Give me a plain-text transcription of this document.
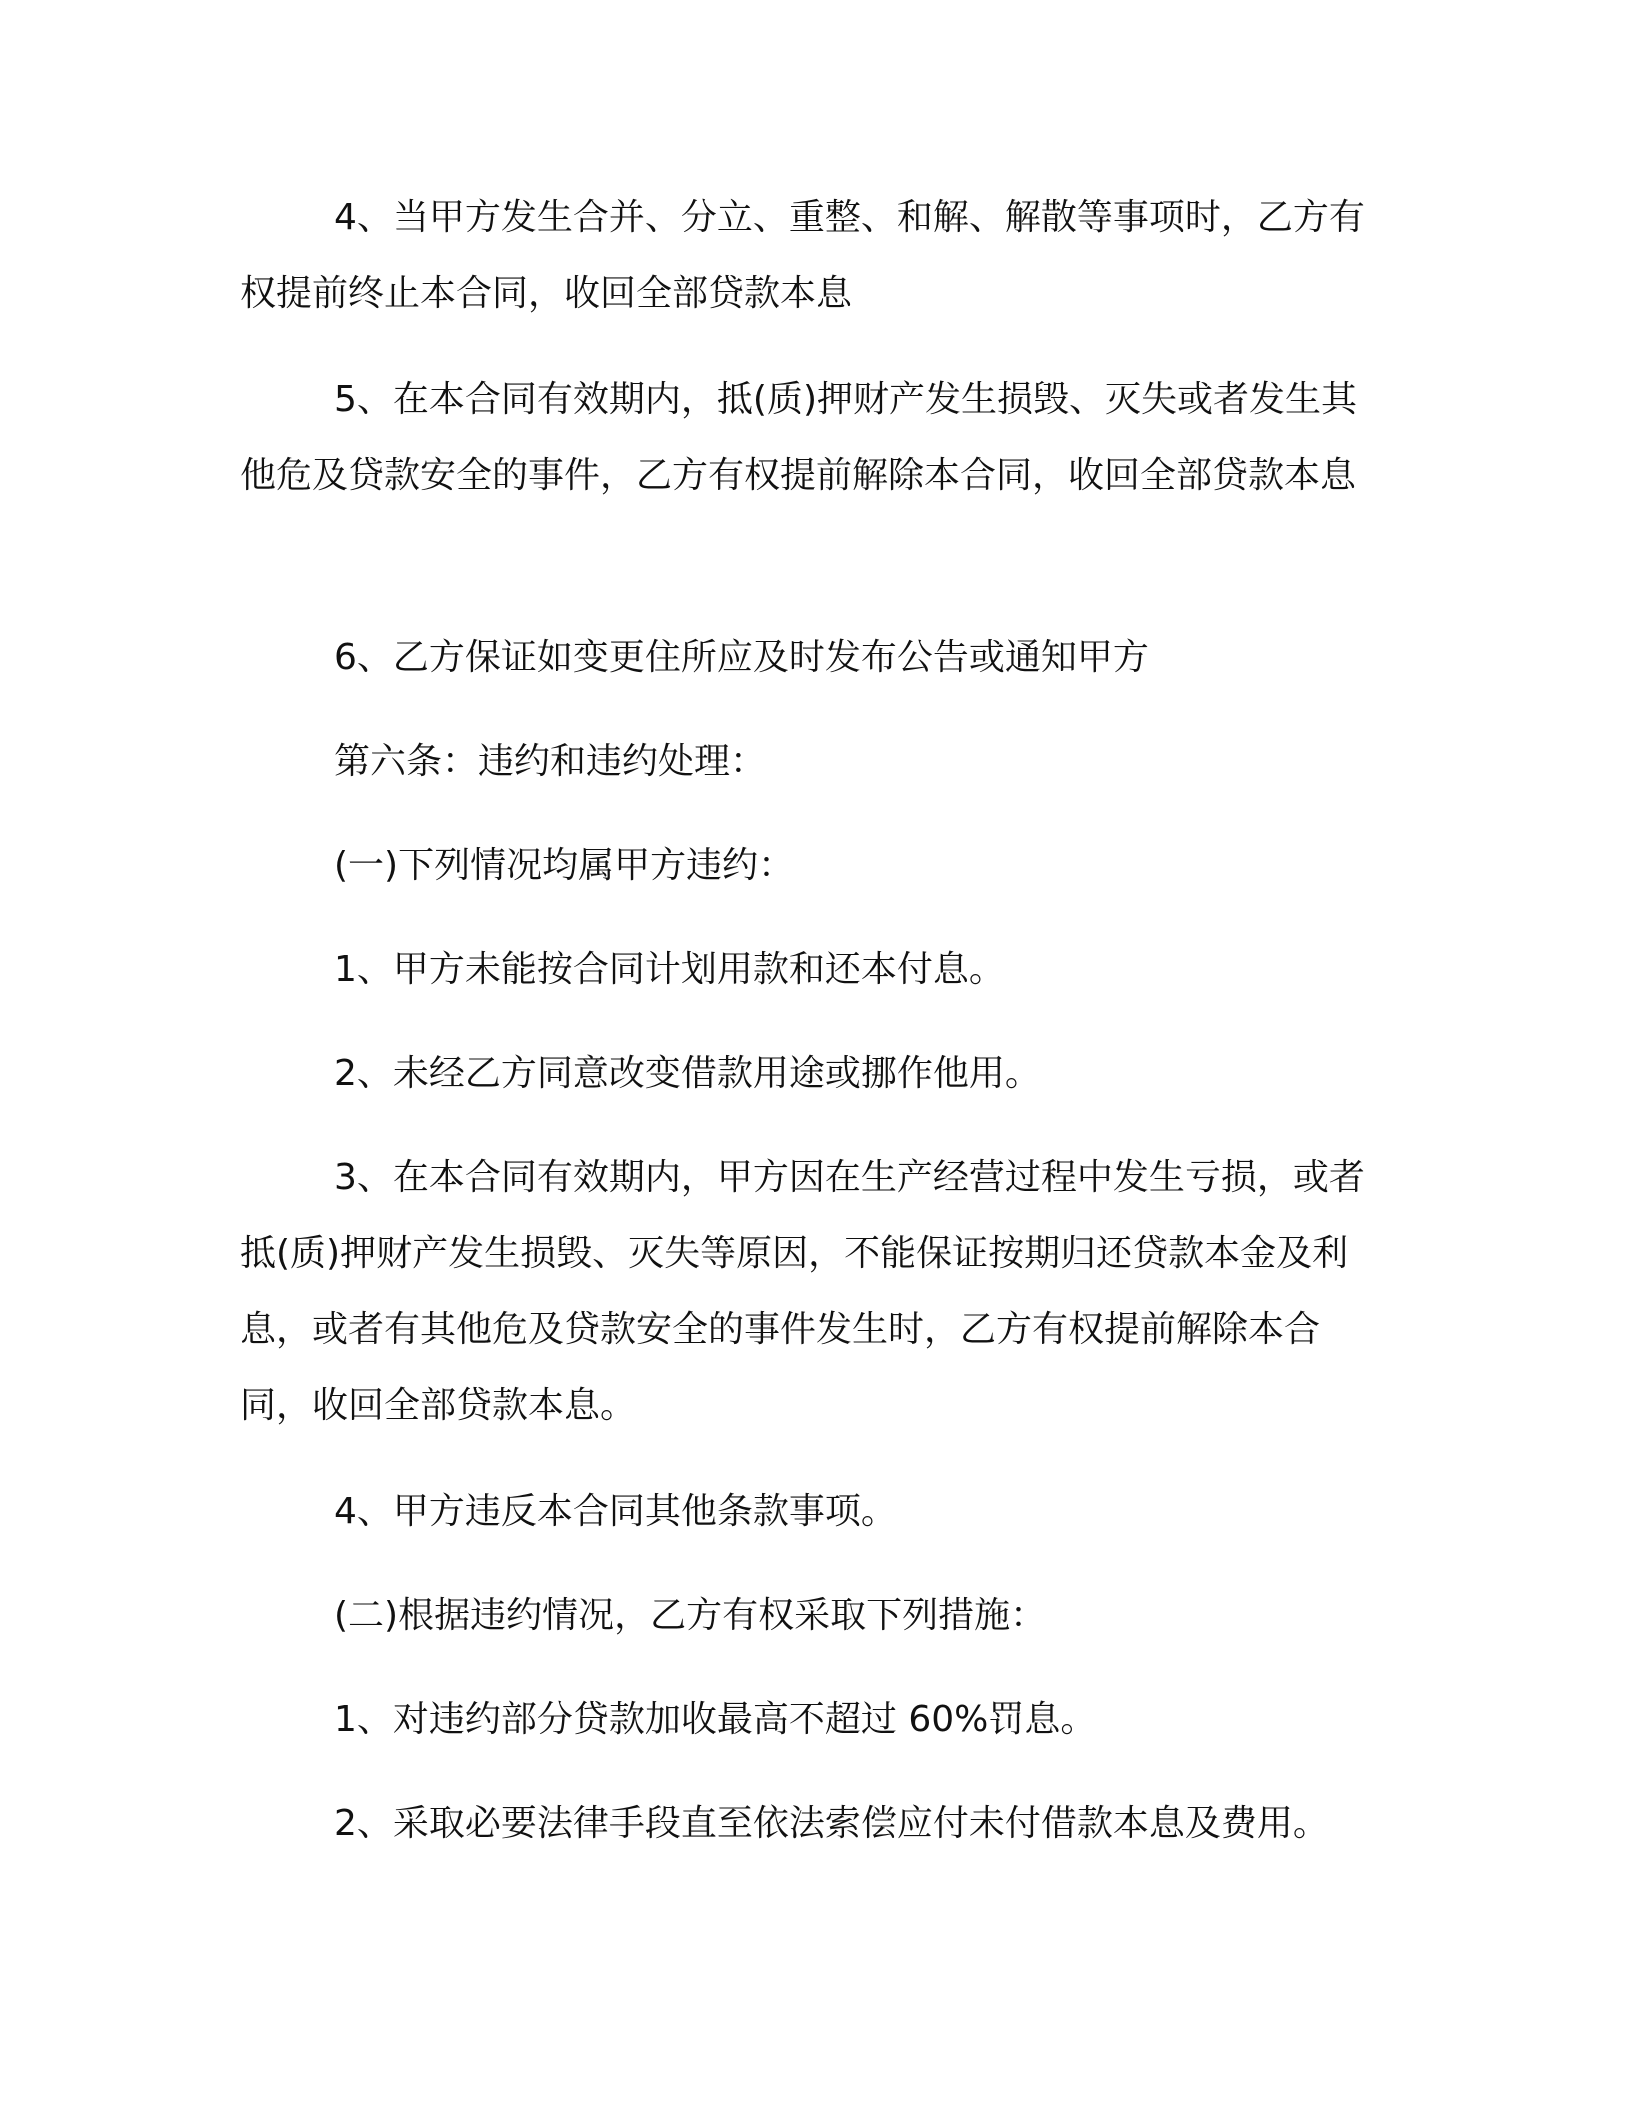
4、当甲方发生合并、分立、重整、和解、解散等事项时，乙方有权提前终止本合同，收回全部贷款本息

5、在本合同有效期内，抵(质)押财产发生损毁、灭失或者发生其他危及贷款安全的事件，乙方有权提前解除本合同，收回全部贷款本息

6、乙方保证如变更住所应及时发布公告或通知甲方

第六条：违约和违约处理：

(一)下列情况均属甲方违约：

1、甲方未能按合同计划用款和还本付息。

2、未经乙方同意改变借款用途或挪作他用。

3、在本合同有效期内，甲方因在生产经营过程中发生亏损，或者抵(质)押财产发生损毁、灭失等原因，不能保证按期归还贷款本金及利息，或者有其他危及贷款安全的事件发生时，乙方有权提前解除本合同，收回全部贷款本息。

4、甲方违反本合同其他条款事项。

(二)根据违约情况，乙方有权采取下列措施：

1、对违约部分贷款加收最高不超过 60%罚息。

2、采取必要法律手段直至依法索偿应付未付借款本息及费用。
